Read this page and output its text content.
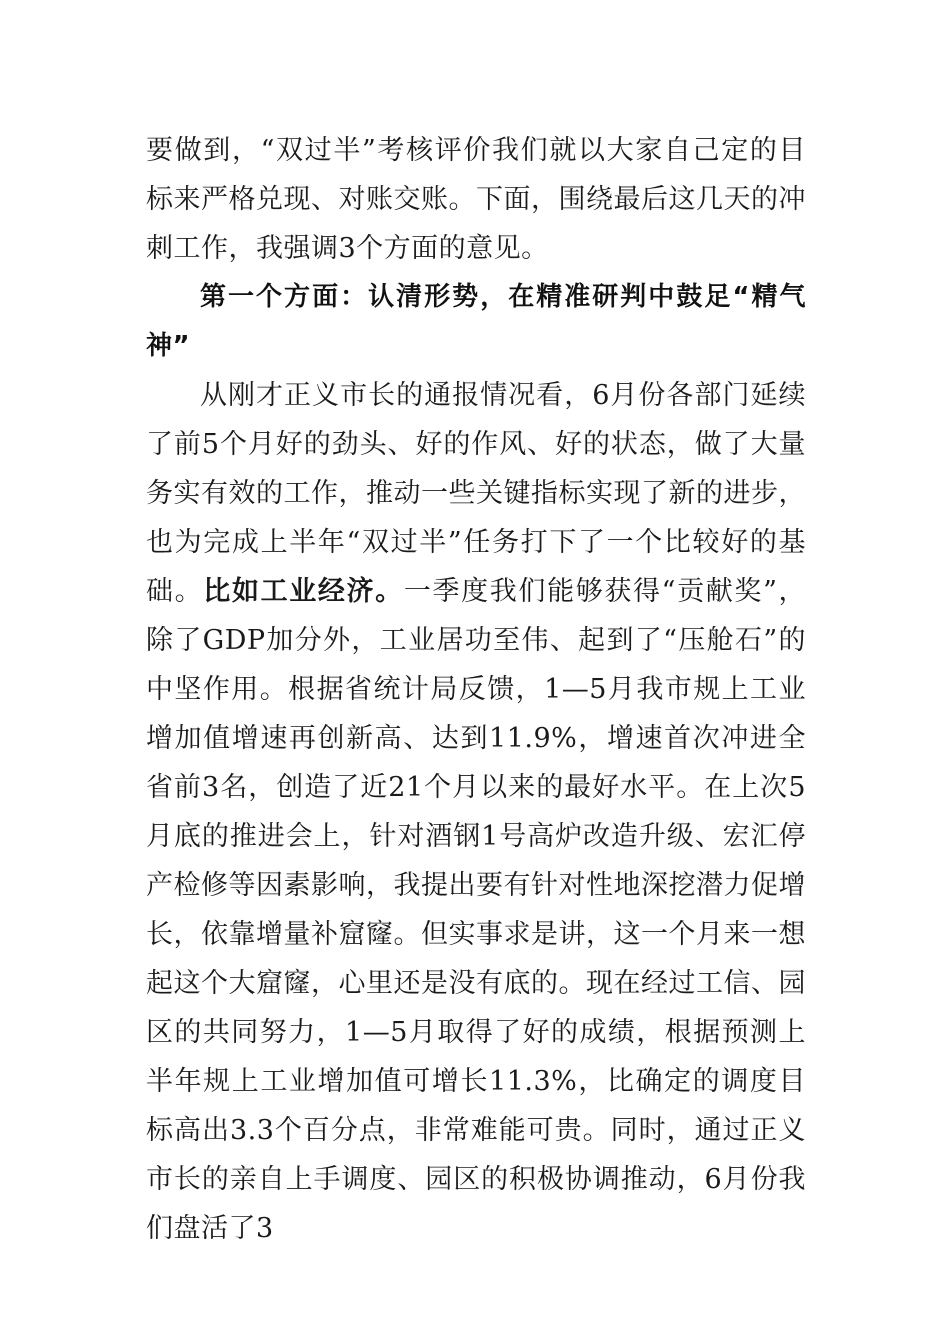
要做到，“双过半”考核评价我们就以大家自己定的目标来严格兑现、对账交账。下面，围绕最后这几天的冲刺工作，我强调3个方面的意见。

第一个方面：认清形势，在精准研判中鼓足“精气神”

从刚才正义市长的通报情况看，6月份各部门延续了前5个月好的劲头、好的作风、好的状态，做了大量务实有效的工作，推动一些关键指标实现了新的进步，也为完成上半年“双过半”任务打下了一个比较好的基础。比如工业经济。一季度我们能够获得“贡献奖”，除了GDP加分外，工业居功至伟、起到了“压舱石”的中坚作用。根据省统计局反馈，1—5月我市规上工业增加值增速再创新高、达到11.9%，增速首次冲进全省前3名，创造了近21个月以来的最好水平。在上次5月底的推进会上，针对酒钢1号高炉改造升级、宏汇停产检修等因素影响，我提出要有针对性地深挖潜力促增长，依靠增量补窟窿。但实事求是讲，这一个月来一想起这个大窟窿，心里还是没有底的。现在经过工信、园区的共同努力，1—5月取得了好的成绩，根据预测上半年规上工业增加值可增长11.3%，比确定的调度目标高出3.3个百分点，非常难能可贵。同时，通过正义市长的亲自上手调度、园区的积极协调推动，6月份我们盘活了3
